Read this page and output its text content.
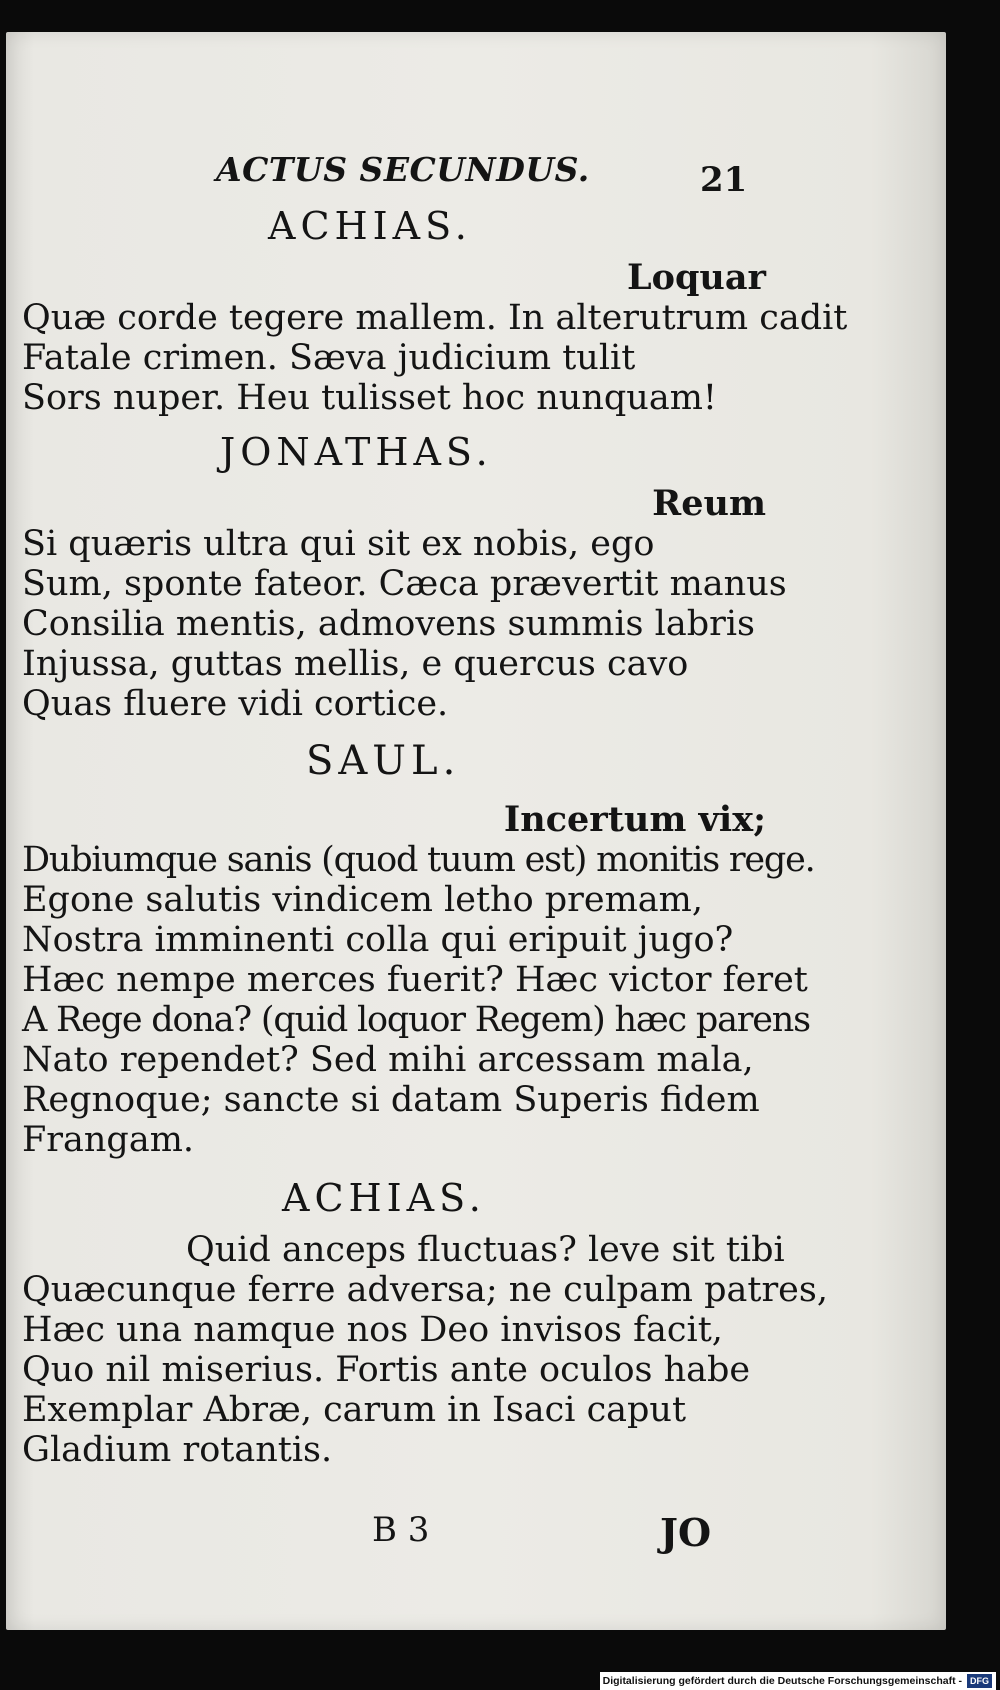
ACTUS SECUNDUS.	21
ACHIAS.
Loquar
Quæ corde tegere mallem. In alterutrum cadit
Fatale crimen. Sæva judicium tulit
Sors nuper. Heu tulisset hoc nunquam!
JONATHAS.
Reum
Si quæris ultra qui sit ex nobis, ego
Sum, sponte fateor. Cæca prævertit manus
Consilia mentis, admovens summis labris
Injussa, guttas mellis, e quercus cavo
Quas fluere vidi cortice.
SAUL.
Incertum vix;
Dubiumque sanis (quod tuum est) monitis rege.
Egone salutis vindicem letho premam,
Nostra imminenti colla qui eripuit jugo?
Hæc nempe merces fuerit? Hæc victor feret
A Rege dona? (quid loquor Regem) hæc parens
Nato rependet? Sed mihi arcessam mala,
Regnoque; sancte si datam Superis fidem
Frangam.
ACHIAS.
Quid anceps fluctuas? leve sit tibi
Quæcunque ferre adversa; ne culpam patres,
Hæc una namque nos Deo invisos facit,
Quo nil miserius. Fortis ante oculos habe
Exemplar Abræ, carum in Isaci caput
Gladium rotantis.
B 3	JO
Digitalisierung gefördert durch die Deutsche Forschungsgemeinschaft - DFG
